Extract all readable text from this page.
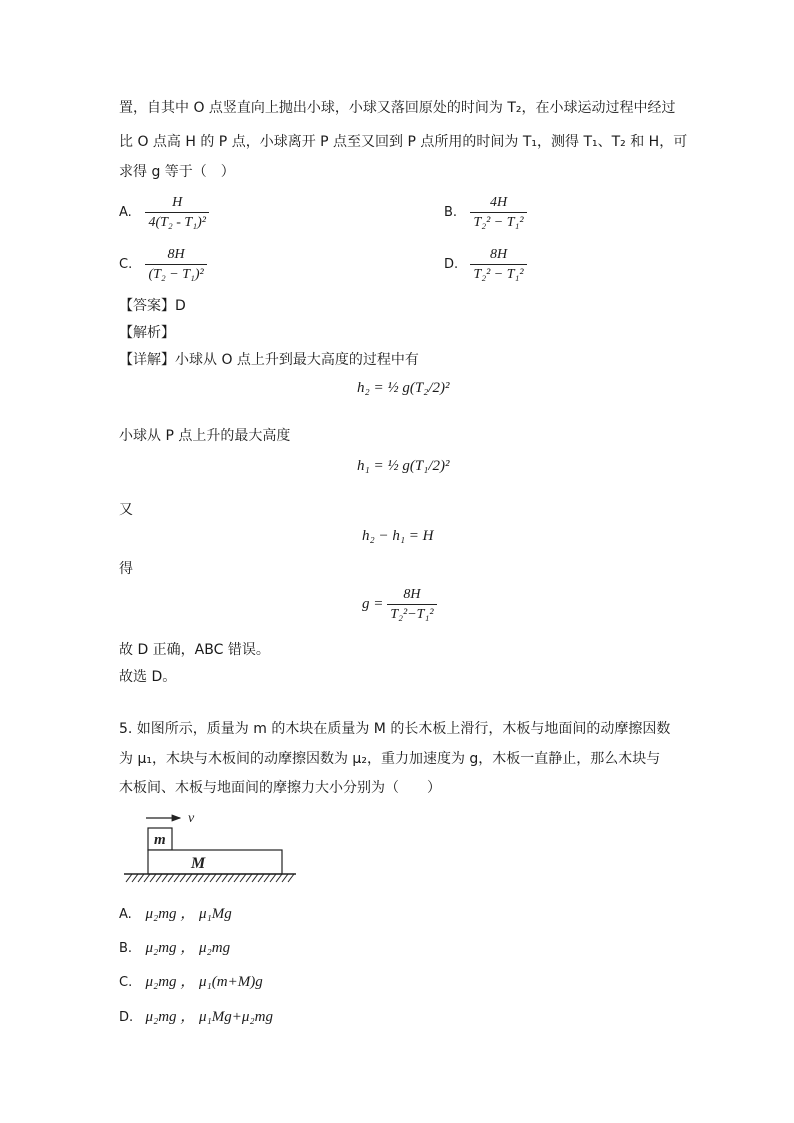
置，自其中 O 点竖直向上抛出小球，小球又落回原处的时间为 T₂，在小球运动过程中经过
比 O 点高 H 的 P 点，小球离开 P 点至又回到 P 点所用的时间为 T₁，测得 T₁、T₂ 和 H，可
求得 g 等于（　）
A. $\frac{H}{\text{4(T₂ - T₁)²}}$	B. $\frac{4H}{\text{T₂² − T₁²}}$
C. $\frac{8H}{\text{(T₂ − T₁)²}}$	D. $\frac{8H}{\text{T₂² − T₁²}}$
【答案】D
【解析】
【详解】小球从 O 点上升到最大高度的过程中有
h₂ = ½ g(T₂/2)²
小球从 P 点上升的最大高度
h₁ = ½ g(T₁/2)²
又
h₂ − h₁ = H
得
$g = \frac{8H}{\text{T₂²−T₁²}}$
故 D 正确，ABC 错误。
故选 D。
5. 如图所示，质量为 m 的木块在质量为 M 的长木板上滑行，木板与地面间的动摩擦因数
为 μ₁，木块与木板间的动摩擦因数为 μ₂，重力加速度为 g，木板一直静止，那么木块与
木板间、木板与地面间的摩擦力大小分别为（　　）
v
m
M
A. μ₂mg ， μ₁Mg
B. μ₂mg ， μ₂mg
C. μ₂mg ， μ₁(m+M)g
D. μ₂mg ， μ₁Mg+μ₂mg
